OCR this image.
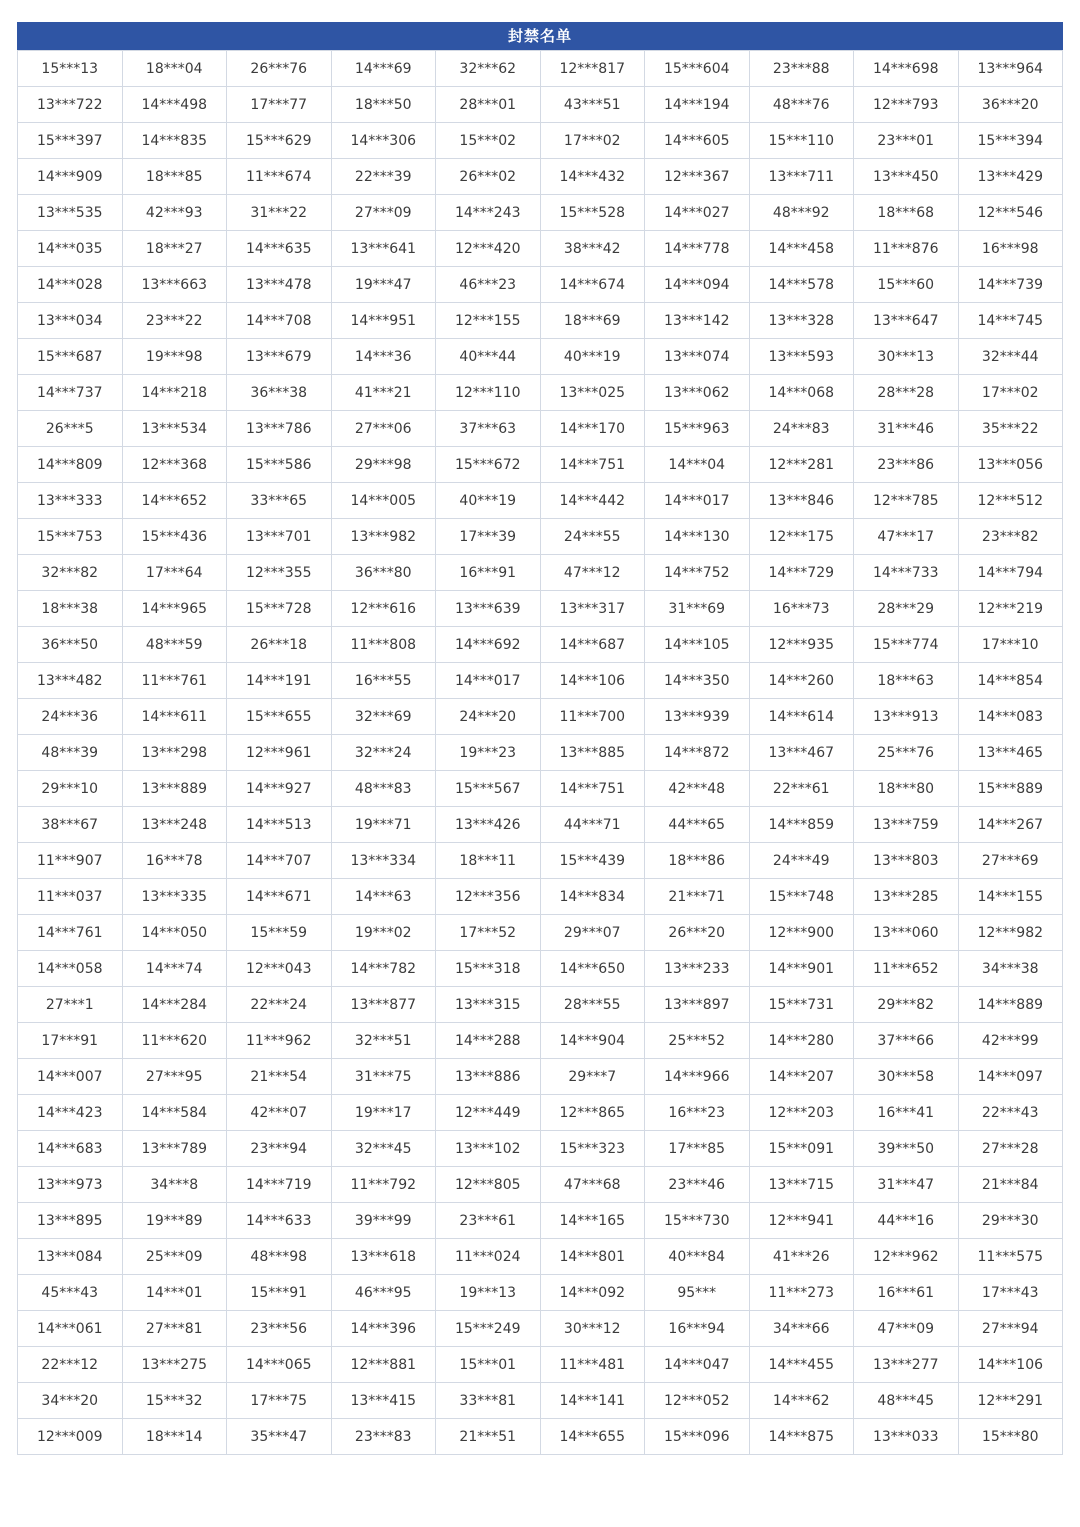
封禁名单
15***13	18***04	26***76	14***69	32***62	12***817	15***604	23***88	14***698	13***964
13***722	14***498	17***77	18***50	28***01	43***51	14***194	48***76	12***793	36***20
15***397	14***835	15***629	14***306	15***02	17***02	14***605	15***110	23***01	15***394
14***909	18***85	11***674	22***39	26***02	14***432	12***367	13***711	13***450	13***429
13***535	42***93	31***22	27***09	14***243	15***528	14***027	48***92	18***68	12***546
14***035	18***27	14***635	13***641	12***420	38***42	14***778	14***458	11***876	16***98
14***028	13***663	13***478	19***47	46***23	14***674	14***094	14***578	15***60	14***739
13***034	23***22	14***708	14***951	12***155	18***69	13***142	13***328	13***647	14***745
15***687	19***98	13***679	14***36	40***44	40***19	13***074	13***593	30***13	32***44
14***737	14***218	36***38	41***21	12***110	13***025	13***062	14***068	28***28	17***02
26***5	13***534	13***786	27***06	37***63	14***170	15***963	24***83	31***46	35***22
14***809	12***368	15***586	29***98	15***672	14***751	14***04	12***281	23***86	13***056
13***333	14***652	33***65	14***005	40***19	14***442	14***017	13***846	12***785	12***512
15***753	15***436	13***701	13***982	17***39	24***55	14***130	12***175	47***17	23***82
32***82	17***64	12***355	36***80	16***91	47***12	14***752	14***729	14***733	14***794
18***38	14***965	15***728	12***616	13***639	13***317	31***69	16***73	28***29	12***219
36***50	48***59	26***18	11***808	14***692	14***687	14***105	12***935	15***774	17***10
13***482	11***761	14***191	16***55	14***017	14***106	14***350	14***260	18***63	14***854
24***36	14***611	15***655	32***69	24***20	11***700	13***939	14***614	13***913	14***083
48***39	13***298	12***961	32***24	19***23	13***885	14***872	13***467	25***76	13***465
29***10	13***889	14***927	48***83	15***567	14***751	42***48	22***61	18***80	15***889
38***67	13***248	14***513	19***71	13***426	44***71	44***65	14***859	13***759	14***267
11***907	16***78	14***707	13***334	18***11	15***439	18***86	24***49	13***803	27***69
11***037	13***335	14***671	14***63	12***356	14***834	21***71	15***748	13***285	14***155
14***761	14***050	15***59	19***02	17***52	29***07	26***20	12***900	13***060	12***982
14***058	14***74	12***043	14***782	15***318	14***650	13***233	14***901	11***652	34***38
27***1	14***284	22***24	13***877	13***315	28***55	13***897	15***731	29***82	14***889
17***91	11***620	11***962	32***51	14***288	14***904	25***52	14***280	37***66	42***99
14***007	27***95	21***54	31***75	13***886	29***7	14***966	14***207	30***58	14***097
14***423	14***584	42***07	19***17	12***449	12***865	16***23	12***203	16***41	22***43
14***683	13***789	23***94	32***45	13***102	15***323	17***85	15***091	39***50	27***28
13***973	34***8	14***719	11***792	12***805	47***68	23***46	13***715	31***47	21***84
13***895	19***89	14***633	39***99	23***61	14***165	15***730	12***941	44***16	29***30
13***084	25***09	48***98	13***618	11***024	14***801	40***84	41***26	12***962	11***575
45***43	14***01	15***91	46***95	19***13	14***092	95***	11***273	16***61	17***43
14***061	27***81	23***56	14***396	15***249	30***12	16***94	34***66	47***09	27***94
22***12	13***275	14***065	12***881	15***01	11***481	14***047	14***455	13***277	14***106
34***20	15***32	17***75	13***415	33***81	14***141	12***052	14***62	48***45	12***291
12***009	18***14	35***47	23***83	21***51	14***655	15***096	14***875	13***033	15***80
